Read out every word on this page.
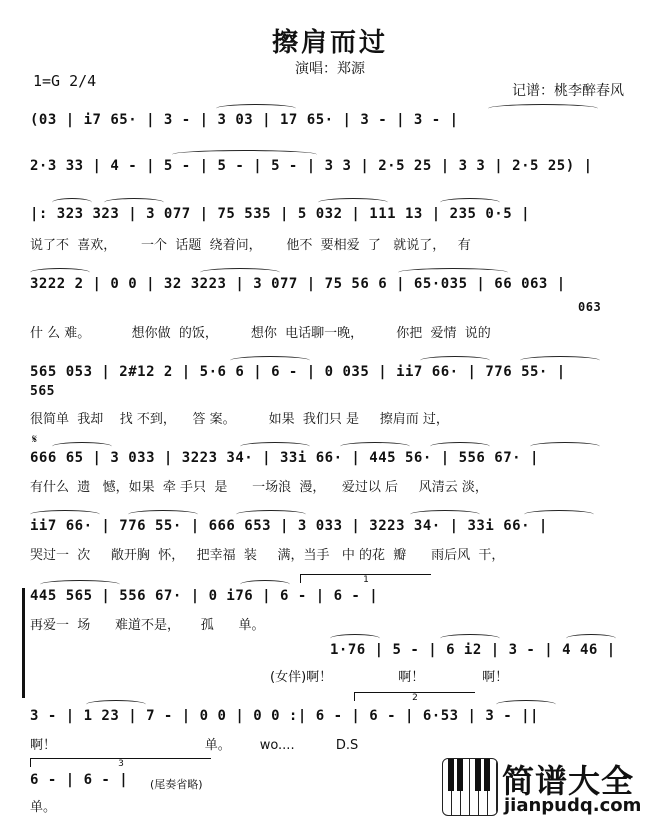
擦肩而过
演唱：郑源
1=G 2/4
记谱：桃李醉春风
(03 | i7 65· | 3 - | 3 03 | 17 65· | 3 - | 3 - |
2·3 33 | 4 - | 5 - | 5 - | 5 - | 3 3 | 2·5 25 | 3 3 | 2·5 25) |
|: 323 323 | 3 077 | 75 535 | 5 032 | 111 13 | 235 0·5 |
说了不  喜欢，      一个  话题  绕着问，      他不  要相爱  了   就说了，   有
3222 2 | 0 0 | 32 3223 | 3 077 | 75 56 6 | 65·035 | 66 063 |
063
什 么 难。          想你做  的饭，        想你  电话聊一晚，        你把  爱情  说的
565 053 | 2#12 2 | 5·6 6 | 6 - | 0 035 | ii7 66· | 776 55· |
565
很简单  我却    找 不到，    答 案。        如果  我们只 是     擦肩而 过，
𝄋
666 65 | 3 033 | 3223 34· | 33i 66· | 445 56· | 556 67· |
有什么  遗   憾，如果  牵 手只  是      一场浪  漫，    爱过以 后     风清云 淡，
ii7 66· | 776 55· | 666 653 | 3 033 | 3223 34· | 33i 66· |
哭过一  次     敞开胸  怀，   把幸福  装     满，当手   中 的花  瓣      雨后风  干，
1
445 565 | 556 67· | 0 i76 | 6 - | 6 - |
再爱一  场      难道不是，     孤      单。
1·76 | 5 - | 6 i2 | 3 - | 4 46 |
(女伴)啊！                啊！              啊！
2
3 - | 1 23 | 7 - | 0 0 | 0 0 :| 6 - | 6 - | 6·53 | 3 - ||
啊！                                    单。       wo....          D.S
3
6 - | 6 - |	(尾奏省略)
单。
简谱大全
jianpudq.com
